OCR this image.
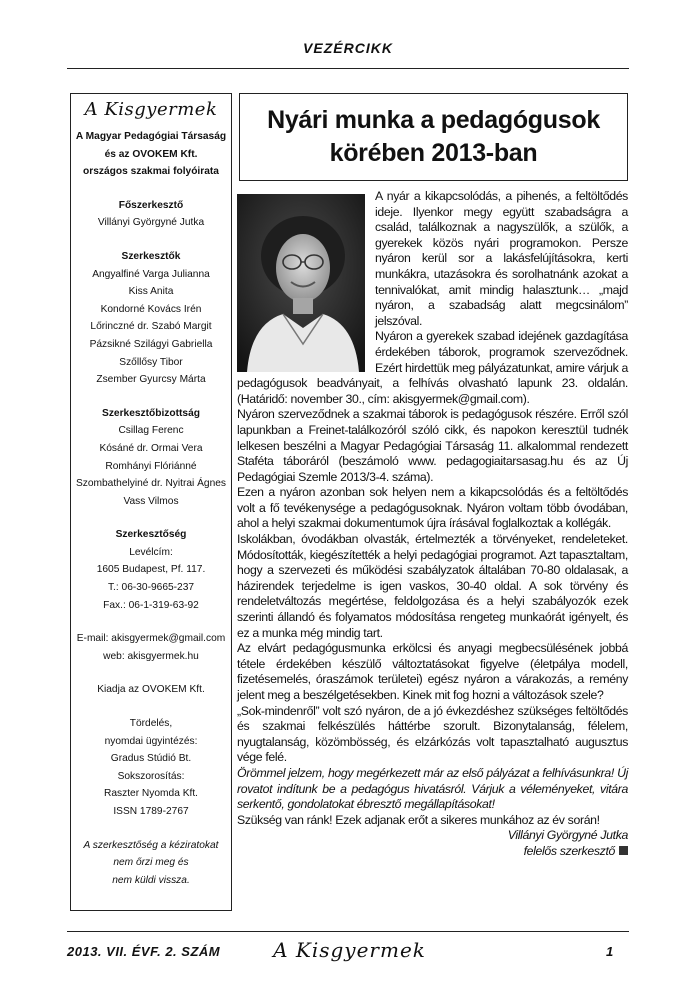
VEZÉRCIKK
A Kisgyermek
A Magyar Pedagógiai Társaság
és az OVOKEM Kft.
országos szakmai folyóirata
Főszerkesztő
Villányi Györgyné Jutka
Szerkesztők
Angyalfiné Varga Julianna
Kiss Anita
Kondorné Kovács Irén
Lőrinczné dr. Szabó Margit
Pázsikné Szilágyi Gabriella
Szőllősy Tibor
Zsember Gyurcsy Márta
Szerkesztőbizottság
Csillag Ferenc
Kósáné dr. Ormai Vera
Romhányi Flóriánné
Szombathelyiné dr. Nyitrai Ágnes
Vass Vilmos
Szerkesztőség
Levélcím:
1605 Budapest, Pf. 117.
T.: 06-30-9665-237
Fax.: 06-1-319-63-92
E-mail: akisgyermek@gmail.com
web: akisgyermek.hu
Kiadja az OVOKEM Kft.
Tördelés,
nyomdai ügyintézés:
Gradus Stúdió Bt.
Sokszorosítás:
Raszter Nyomda Kft.
ISSN 1789-2767
A szerkesztőség a kéziratokat
nem őrzi meg és
nem küldi vissza.
Nyári munka a pedagógusok
körében 2013-ban

A nyár a kikapcsolódás, a pihenés, a feltöltődés ideje. Ilyenkor megy együtt szabadságra a család, találkoznak a nagyszülők, a szülők, a gyerekek közös nyári programokon. Persze nyáron kerül sor a lakásfelújításokra, kerti munkákra, utazásokra és sorolhatnánk azokat a tennivalókat, amit mindig halasztunk… „majd nyáron, a szabadság alatt megcsinálom” jelszóval.

Nyáron a gyerekek szabad idejének gazdagítása érdekében táborok, programok szerveződnek. Ezért hirdettük meg pályázatunkat, amire várjuk a pedagógusok beadványait, a felhívás olvasható lapunk 23. oldalán. (Határidő: november 30., cím: akisgyermek@gmail.com).

Nyáron szerveződnek a szakmai táborok is pedagógusok részére. Erről szól lapunkban a Freinet-találkozóról szóló cikk, és napokon keresztül tudnék lelkesen beszélni a Magyar Pedagógiai Társaság 11. alkalommal rendezett Staféta táboráról (beszámoló www. pedagogiaitarsasag.hu és az Új Pedagógiai Szemle 2013/3-4. száma).

Ezen a nyáron azonban sok helyen nem a kikapcsolódás és a feltöltődés volt a fő tevékenysége a pedagógusoknak. Nyáron voltam több óvodában, ahol a helyi szakmai dokumentumok újra írásával foglalkoztak a kollégák.

Iskolákban, óvodákban olvasták, értelmezték a törvényeket, rendeleteket. Módosították, kiegészítették a helyi pedagógiai programot. Azt tapasztaltam, hogy a szervezeti és működési szabályzatok általában 70-80 oldalasak, a házirendek terjedelme is igen vaskos, 30-40 oldal. A sok törvény és rendeletváltozás megértése, feldolgozása és a helyi szabályozók ezek szerinti állandó és folyamatos módosítása rengeteg munkaórát igényelt, és ez a munka még mindig tart.

Az elvárt pedagógusmunka erkölcsi és anyagi megbecsülésének jobbá tétele érdekében készülő változtatásokat figyelve (életpálya modell, fizetésemelés, óraszámok területei) egész nyáron a várakozás, a remény jelent meg a beszélgetésekben. Kinek mit fog hozni a változások szele?

„Sok-mindenről” volt szó nyáron, de a jó évkezdéshez szükséges feltöltődés és szakmai felkészülés háttérbe szorult. Bizonytalanság, félelem, nyugtalanság, közömbösség, és elzárkózás volt tapasztalható augusztus vége felé.

Örömmel jelzem, hogy megérkezett már az első pályázat a felhívásunkra! Új rovatot indítunk be a pedagógus hivatásról. Várjuk a véleményeket, vitára serkentő, gondolatokat ébresztő megállapításokat!

Szükség van ránk! Ezek adjanak erőt a sikeres munkához az év során!

Villányi Györgyné Jutka

felelős szerkesztő

2013. VII. ÉVF. 2. SZÁM	A Kisgyermek	1
